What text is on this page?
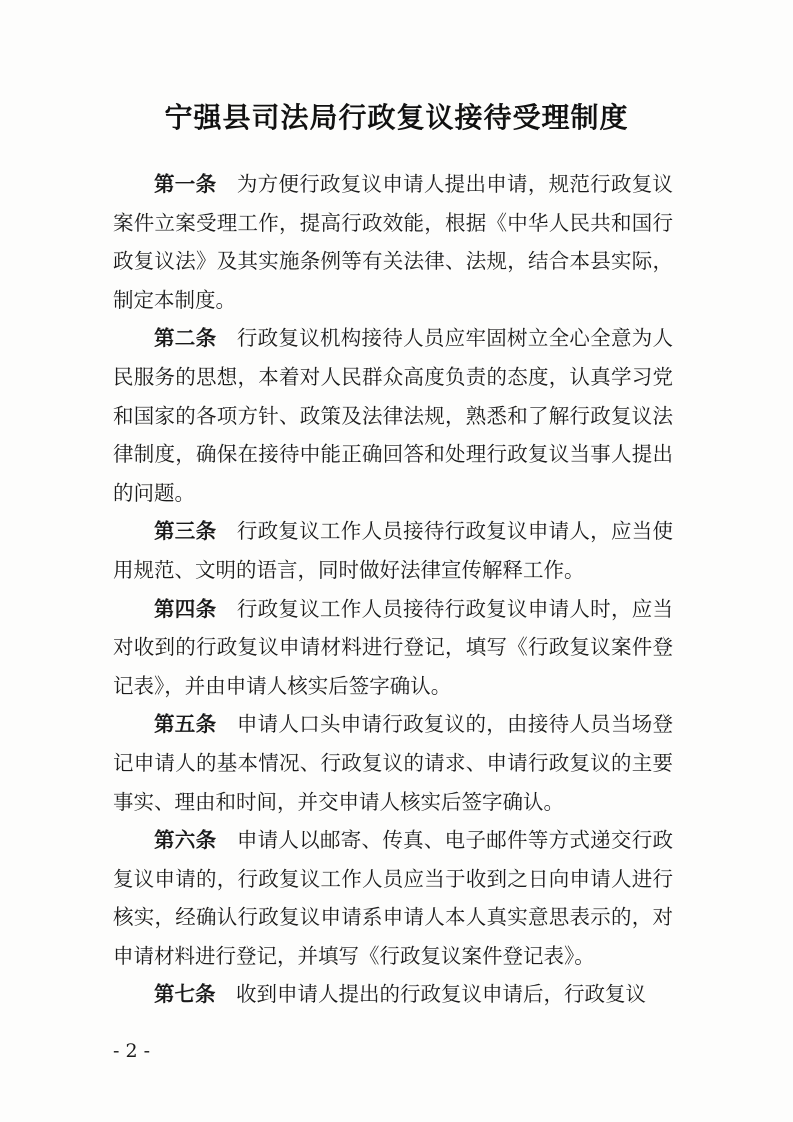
宁强县司法局行政复议接待受理制度

第一条 为方便行政复议申请人提出申请，规范行政复议案件立案受理工作，提高行政效能，根据《中华人民共和国行政复议法》及其实施条例等有关法律、法规，结合本县实际，制定本制度。

第二条 行政复议机构接待人员应牢固树立全心全意为人民服务的思想，本着对人民群众高度负责的态度，认真学习党和国家的各项方针、政策及法律法规，熟悉和了解行政复议法律制度，确保在接待中能正确回答和处理行政复议当事人提出的问题。

第三条 行政复议工作人员接待行政复议申请人，应当使用规范、文明的语言，同时做好法律宣传解释工作。

第四条 行政复议工作人员接待行政复议申请人时，应当对收到的行政复议申请材料进行登记，填写《行政复议案件登记表》，并由申请人核实后签字确认。

第五条 申请人口头申请行政复议的，由接待人员当场登记申请人的基本情况、行政复议的请求、申请行政复议的主要事实、理由和时间，并交申请人核实后签字确认。

第六条 申请人以邮寄、传真、电子邮件等方式递交行政复议申请的，行政复议工作人员应当于收到之日向申请人进行核实，经确认行政复议申请系申请人本人真实意思表示的，对申请材料进行登记，并填写《行政复议案件登记表》。

第七条 收到申请人提出的行政复议申请后，行政复议

- 2 -
